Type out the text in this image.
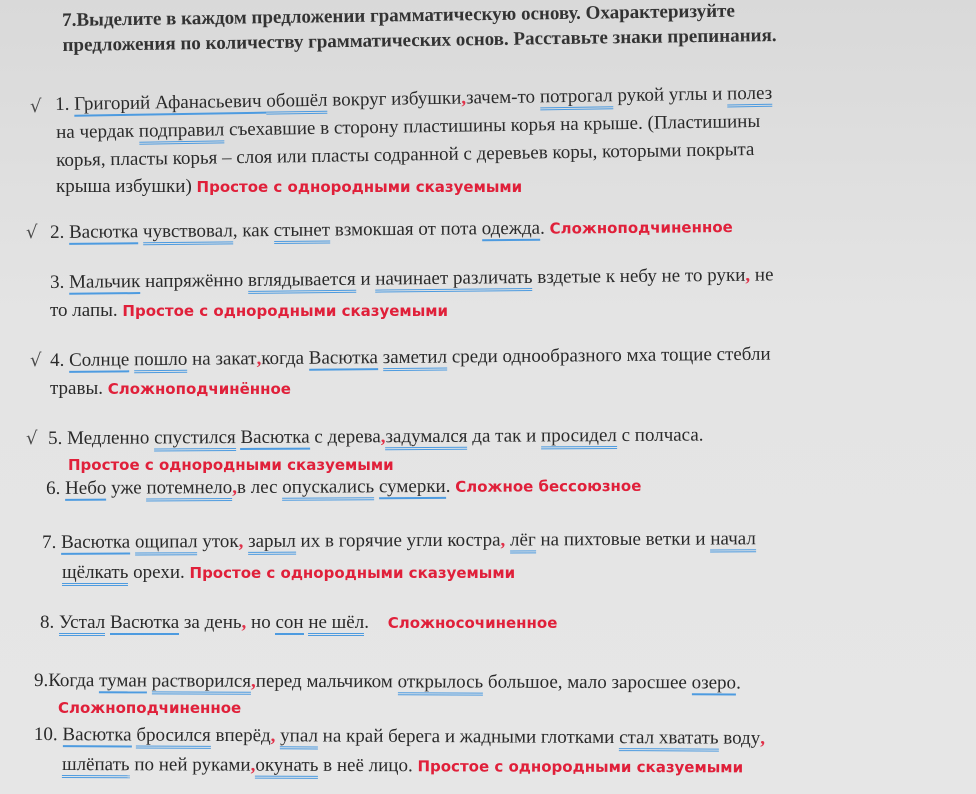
7.Выделите в каждом предложении грамматическую основу. Охарактеризуйте
предложения по количеству грамматических основ. Расставьте знаки препинания.
√ 1. Григорий Афанасьевич обошёл вокруг избушки,зачем-то потрогал рукой углы и полез
на чердак подправил съехавшие в сторону пластишины корья на крыше. (Пластишины
корья, пласты корья – слоя или пласты содранной с деревьев коры, которыми покрыта
крыша избушки) Простое с однородными сказуемыми
√ 2. Васютка чувствовал, как стынет взмокшая от пота одежда. Сложноподчиненное
3. Мальчик напряжённо вглядывается и начинает различать вздетые к небу не то руки, не
то лапы. Простое с однородными сказуемыми
√ 4. Солнце пошло на закат,когда Васютка заметил среди однообразного мха тощие стебли
травы. Сложноподчинённое
√ 5. Медленно спустился Васютка с дерева,задумался да так и просидел с полчаса.
Простое с однородными сказуемыми
6. Небо уже потемнело,в лес опускались сумерки. Сложное бессоюзное
7. Васютка ощипал уток, зарыл их в горячие угли костра, лёг на пихтовые ветки и начал
щёлкать орехи. Простое с однородными сказуемыми
8. Устал Васютка за день, но сон не шёл. Сложносочиненное
9.Когда туман растворился,перед мальчиком открылось большое, мало заросшее озеро.
Сложноподчиненное
10. Васютка бросился вперёд, упал на край берега и жадными глотками стал хватать воду,
шлёпать по ней руками,окунать в неё лицо. Простое с однородными сказуемыми
